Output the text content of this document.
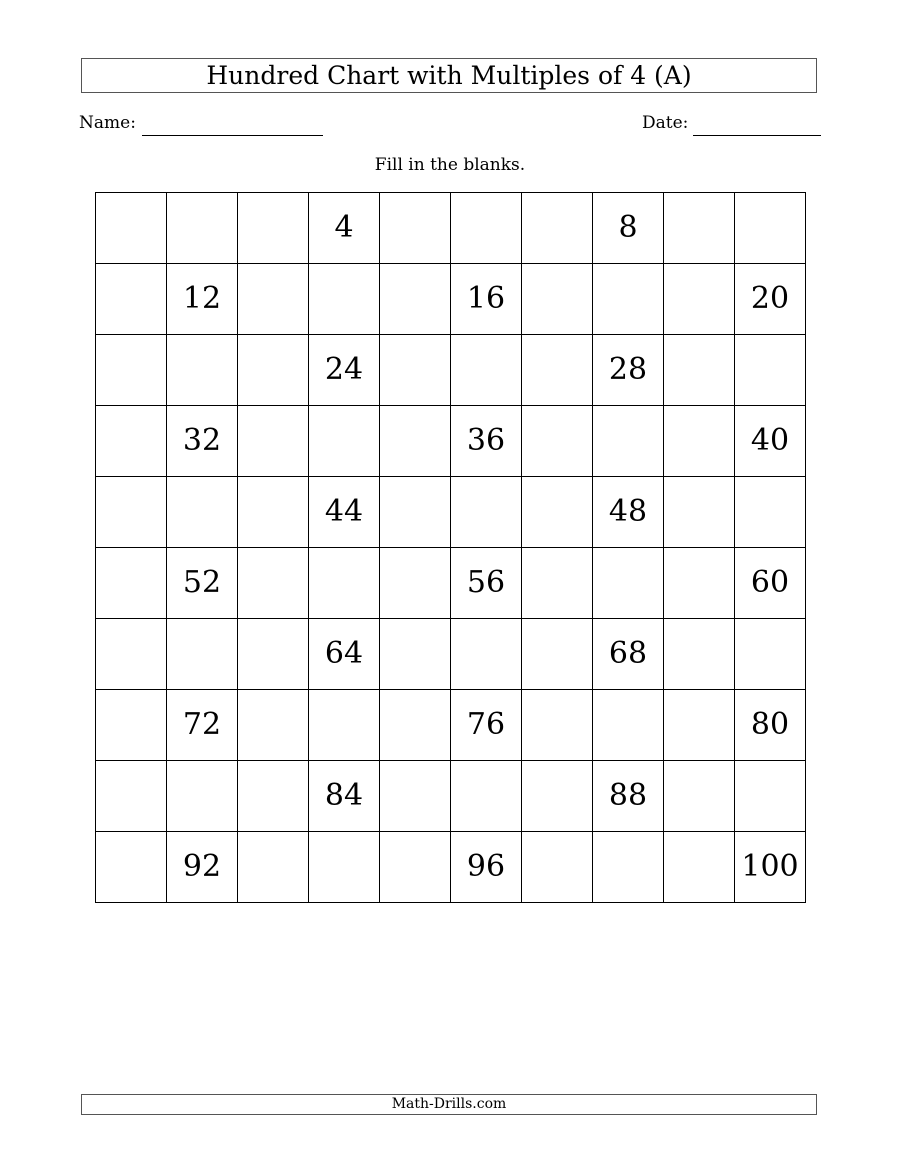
Hundred Chart with Multiples of 4 (A)
Name:	Date:
Fill in the blanks.
			4				8		
	12				16				20
			24				28		
	32				36				40
			44				48		
	52				56				60
			64				68		
	72				76				80
			84				88		
	92				96				100
Math-Drills.com
